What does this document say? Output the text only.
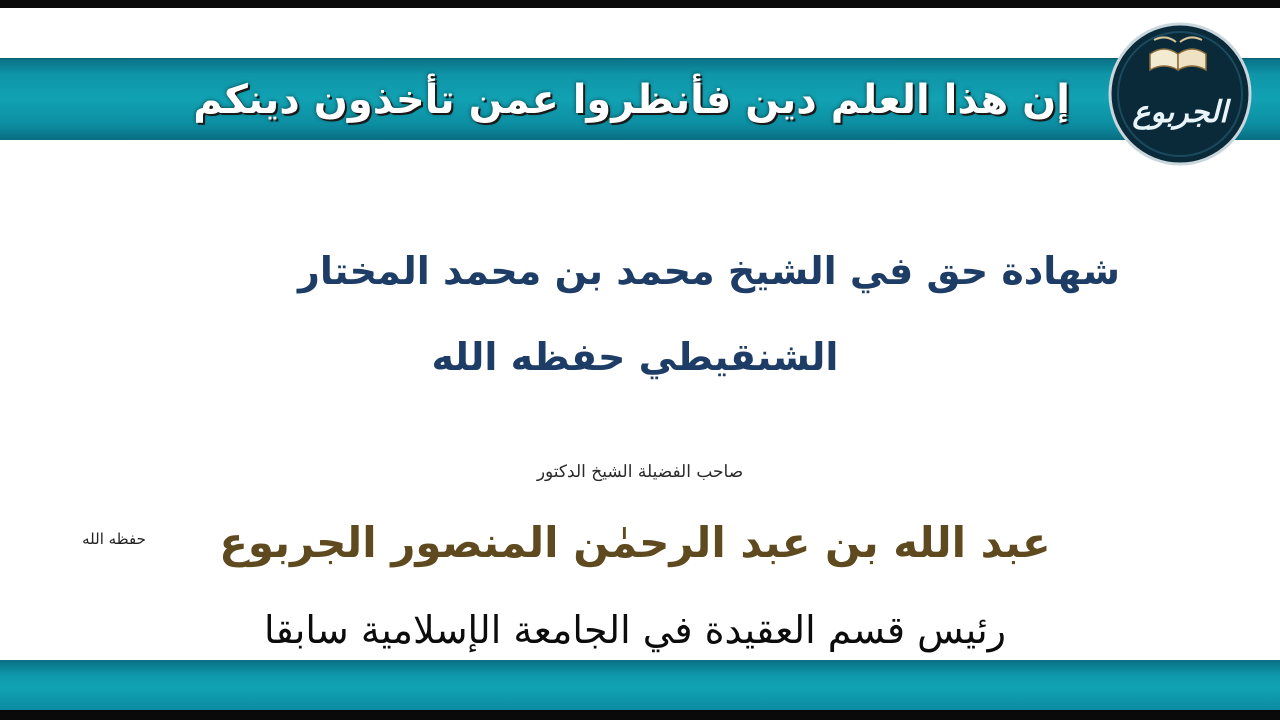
إن هذا العلم دين فأنظروا عمن تأخذون دينكم الجربوع
شهادة حق في الشيخ محمد بن محمد المختار
الشنقيطي حفظه الله
صاحب الفضيلة الشيخ الدكتور
عبد الله بن عبد الرحمٰن المنصور الجربوع
حفظه الله
رئيس قسم العقيدة في الجامعة الإسلامية سابقا
